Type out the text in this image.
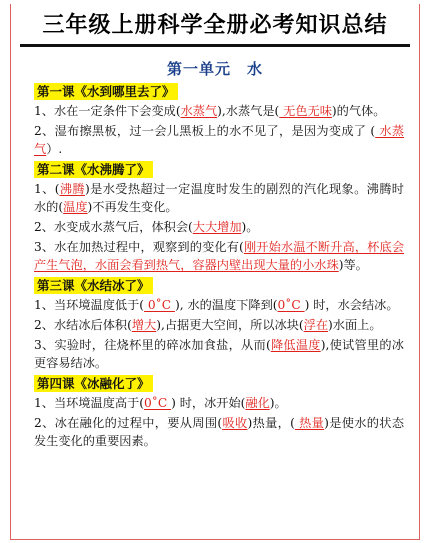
三年级上册科学全册必考知识总结
第一单元　水
第一课《水到哪里去了》

1、水在一定条件下会变成(水蒸气),水蒸气是( 无色无味)的气体。

2、湿布擦黑板，过一会儿黑板上的水不见了，是因为变成了 ( 水蒸气）.

第二课《水沸腾了》

1、(沸腾)是水受热超过一定温度时发生的剧烈的汽化现象。沸腾时水的(温度)不再发生变化。

2、水变成水蒸气后，体积会(大大增加)。

3、水在加热过程中，观察到的变化有(刚开始水温不断升高，杯底会产生气泡，水面会看到热气，容器内壁出现大量的小水珠)等。

第三课《水结冰了》

1、当环境温度低于( 0˚C ), 水的温度下降到(0˚C ) 时，水会结冰。

2、水结冰后体积(增大),占据更大空间，所以冰块(浮在)水面上。

3、实验时，往烧杯里的碎冰加食盐，从而(降低温度),使试管里的冰更容易结冰。

第四课《冰融化了》

1、当环境温度高于(0˚C ) 时，冰开始(融化)。

2、冰在融化的过程中，要从周围(吸收)热量，( 热量)是使水的状态发生变化的重要因素。
